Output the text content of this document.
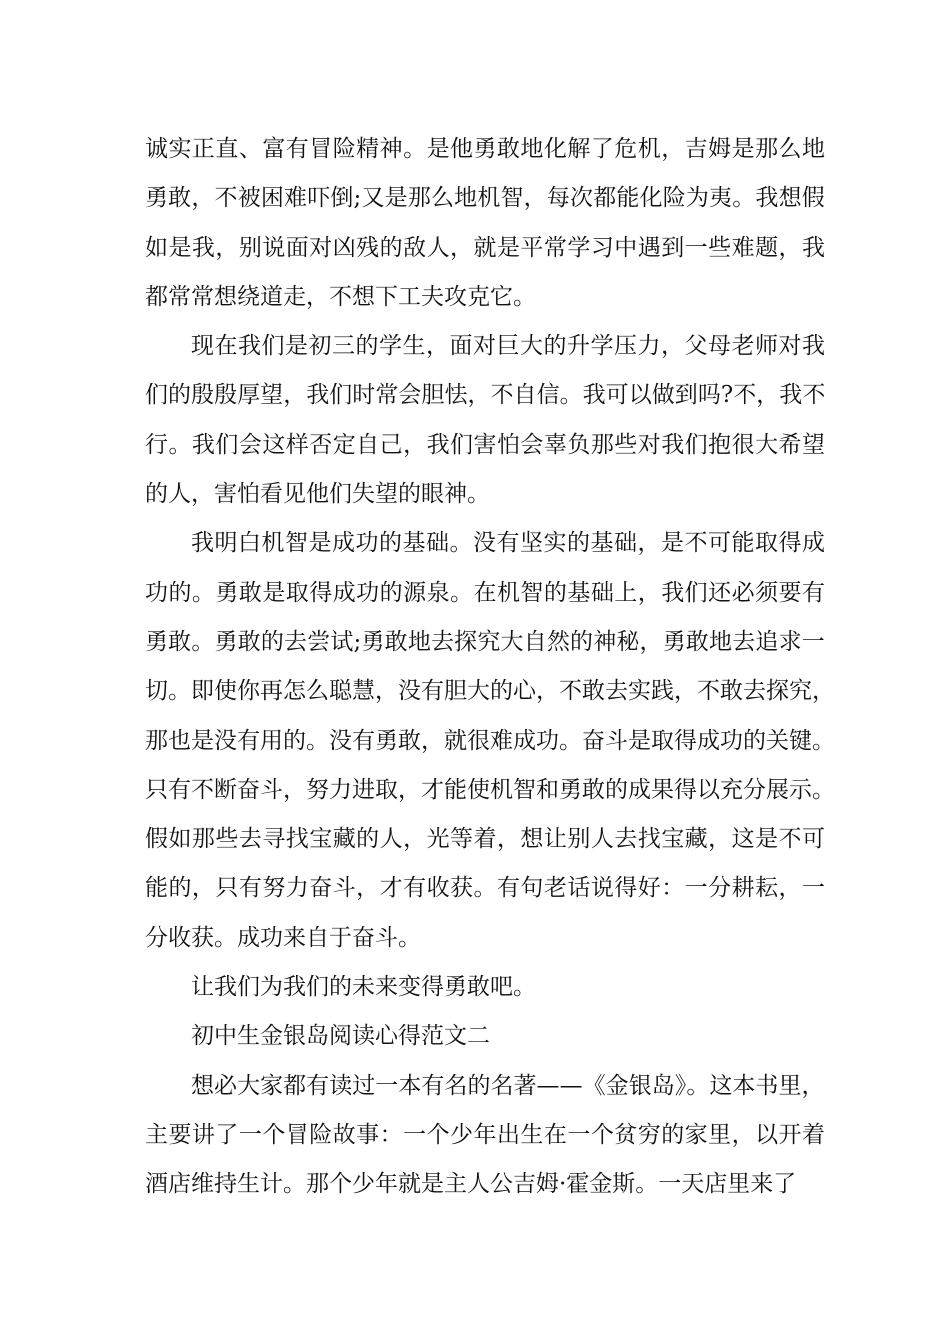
诚实正直、富有冒险精神。是他勇敢地化解了危机，吉姆是那么地
勇敢，不被困难吓倒;又是那么地机智，每次都能化险为夷。我想假
如是我，别说面对凶残的敌人，就是平常学习中遇到一些难题，我
都常常想绕道走，不想下工夫攻克它。

现在我们是初三的学生，面对巨大的升学压力，父母老师对我
们的殷殷厚望，我们时常会胆怯，不自信。我可以做到吗?不，我不
行。我们会这样否定自己，我们害怕会辜负那些对我们抱很大希望
的人，害怕看见他们失望的眼神。

我明白机智是成功的基础。没有坚实的基础，是不可能取得成
功的。勇敢是取得成功的源泉。在机智的基础上，我们还必须要有
勇敢。勇敢的去尝试;勇敢地去探究大自然的神秘，勇敢地去追求一
切。即使你再怎么聪慧，没有胆大的心，不敢去实践，不敢去探究，
那也是没有用的。没有勇敢，就很难成功。奋斗是取得成功的关键。
只有不断奋斗，努力进取，才能使机智和勇敢的成果得以充分展示。
假如那些去寻找宝藏的人，光等着，想让别人去找宝藏，这是不可
能的，只有努力奋斗，才有收获。有句老话说得好：一分耕耘，一
分收获。成功来自于奋斗。

让我们为我们的未来变得勇敢吧。

初中生金银岛阅读心得范文二

想必大家都有读过一本有名的名著——《金银岛》。这本书里，
主要讲了一个冒险故事：一个少年出生在一个贫穷的家里，以开着
酒店维持生计。那个少年就是主人公吉姆·霍金斯。一天店里来了
